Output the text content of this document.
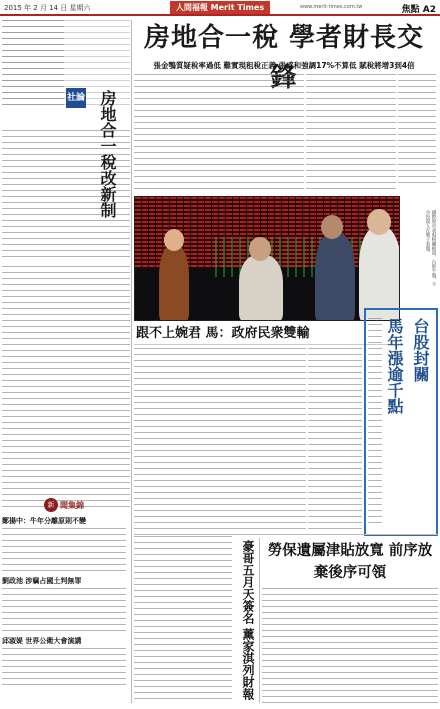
2015 年 2 月 14 日 星期六	人間福報 Merit Times	www.merit-times.com.tw	焦點 A2
社論 房地合一稅改新制
新 聞集錦
鄭揚中：牛年分離原則不變
劉政池 涉竊占國土判無罪
邱淑媞 世界公衛大會演講
房地合一稅 學者財長交鋒
張金鶚質疑稅率過低 難實現租稅正義 張盛和強調17%不算低 賦稅將增3到4倍
國際股市表現相繼疲弱，台股午盤，不少投資人在號子看盤。
跟不上婉君 馬：政府民衆雙輸	台股封關
馬年漲逾千點
勞保遺屬津貼放寬 前序放棄後序可領
豪哥五月天簽名 薰家淇列財報
